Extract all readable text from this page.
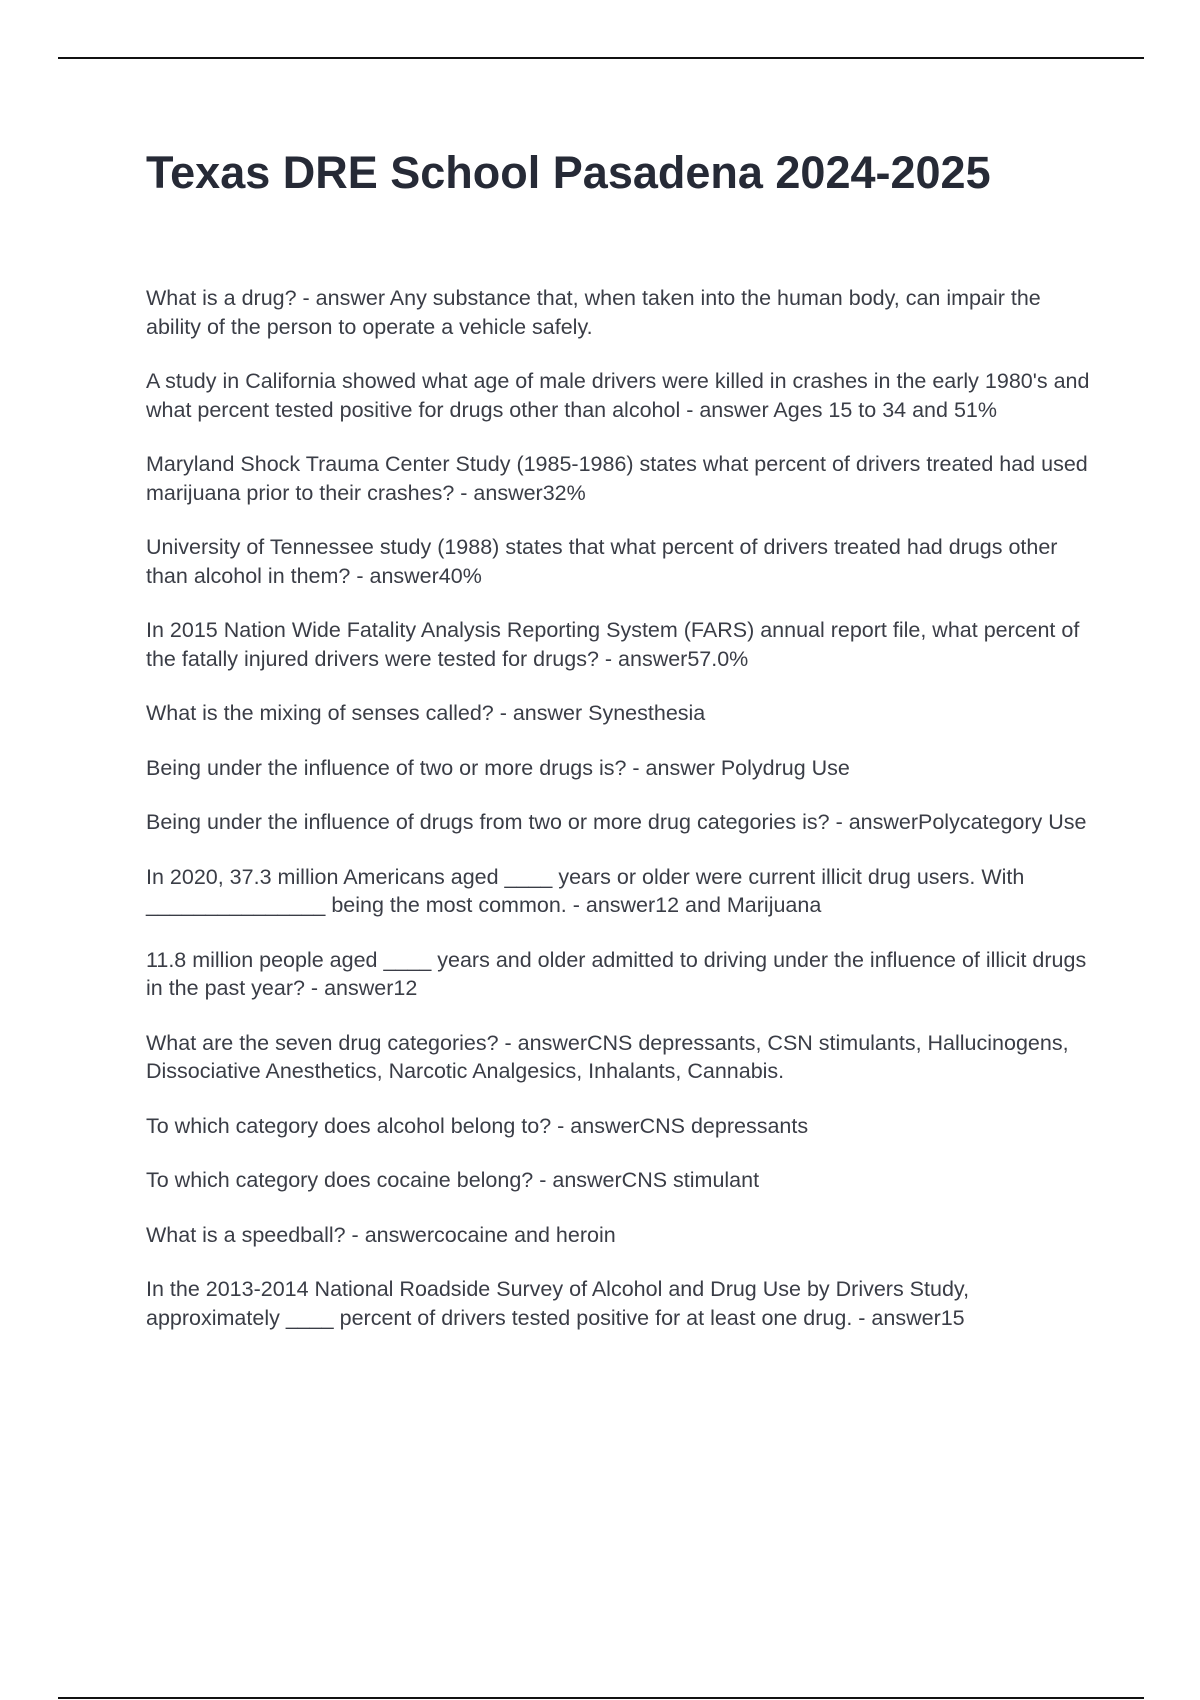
Texas DRE School Pasadena 2024-2025
What is a drug? - answer Any substance that, when taken into the human body, can impair the ability of the person to operate a vehicle safely.
A study in California showed what age of male drivers were killed in crashes in the early 1980's and what percent tested positive for drugs other than alcohol - answer Ages 15 to 34 and 51%
Maryland Shock Trauma Center Study (1985-1986) states what percent of drivers treated had used marijuana prior to their crashes? - answer32%
University of Tennessee study (1988) states that what percent of drivers treated had drugs other than alcohol in them? - answer40%
In 2015 Nation Wide Fatality Analysis Reporting System (FARS) annual report file, what percent of the fatally injured drivers were tested for drugs? - answer57.0%
What is the mixing of senses called? - answer Synesthesia
Being under the influence of two or more drugs is? - answer Polydrug Use
Being under the influence of drugs from two or more drug categories is? - answerPolycategory Use
In 2020, 37.3 million Americans aged ____ years or older were current illicit drug users. With _______________ being the most common. - answer12 and Marijuana
11.8 million people aged ____ years and older admitted to driving under the influence of illicit drugs in the past year? - answer12
What are the seven drug categories? - answerCNS depressants, CSN stimulants, Hallucinogens, Dissociative Anesthetics, Narcotic Analgesics, Inhalants, Cannabis.
To which category does alcohol belong to? - answerCNS depressants
To which category does cocaine belong? - answerCNS stimulant
What is a speedball? - answercocaine and heroin
In the 2013-2014 National Roadside Survey of Alcohol and Drug Use by Drivers Study, approximately ____ percent of drivers tested positive for at least one drug. - answer15
